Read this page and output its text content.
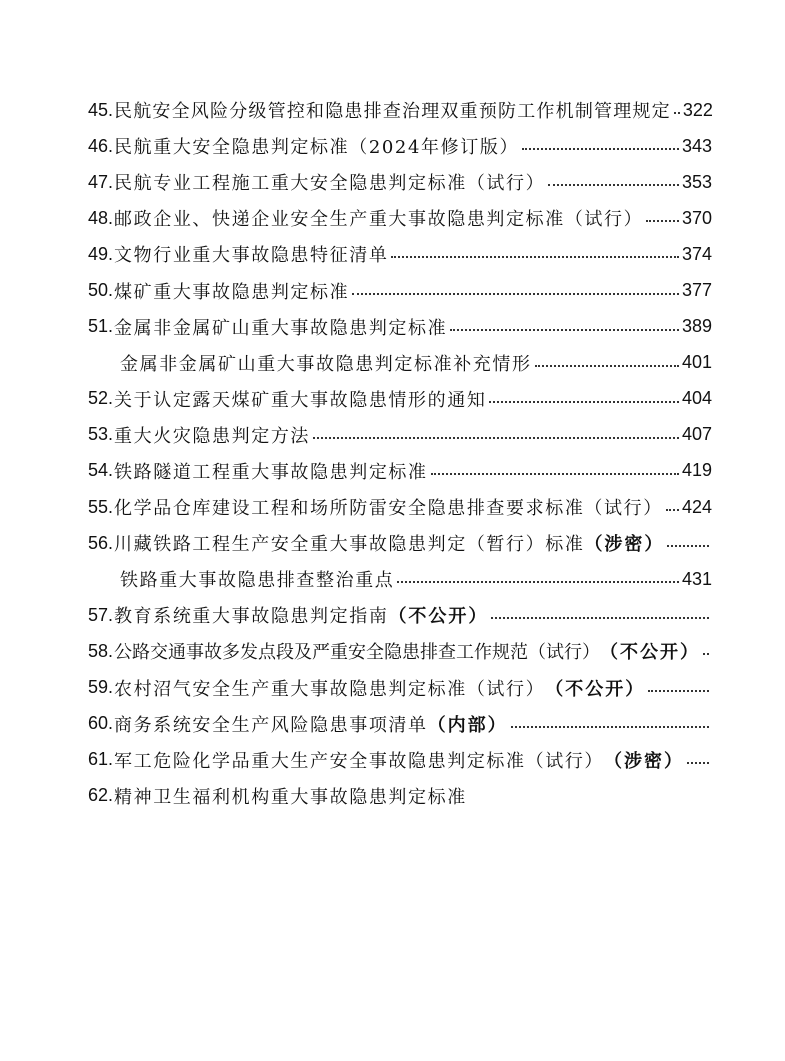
45. 民航安全风险分级管控和隐患排查治理双重预防工作机制管理规定 322
46. 民航重大安全隐患判定标准（2024年修订版）	343
47. 民航专业工程施工重大安全隐患判定标准（试行）	353
48. 邮政企业、快递企业安全生产重大事故隐患判定标准（试行） 370
49. 文物行业重大事故隐患特征清单	374
50. 煤矿重大事故隐患判定标准	377
51. 金属非金属矿山重大事故隐患判定标准	389
金属非金属矿山重大事故隐患判定标准补充情形	401
52. 关于认定露天煤矿重大事故隐患情形的通知	404
53. 重大火灾隐患判定方法	407
54. 铁路隧道工程重大事故隐患判定标准	419
55. 化学品仓库建设工程和场所防雷安全隐患排查要求标准（试行） 424
56. 川藏铁路工程生产安全重大事故隐患判定（暂行）标准 （涉密）
铁路重大事故隐患排查整治重点	431
57. 教育系统重大事故隐患判定指南 （不公开）
58. 公路交通事故多发点段及严重安全隐患排查工作规范（试行） （不公开）
59. 农村沼气安全生产重大事故隐患判定标准（试行） （不公开）
60. 商务系统安全生产风险隐患事项清单 （内部）
61. 军工危险化学品重大生产安全事故隐患判定标准（试行） （涉密）
62. 精神卫生福利机构重大事故隐患判定标准
